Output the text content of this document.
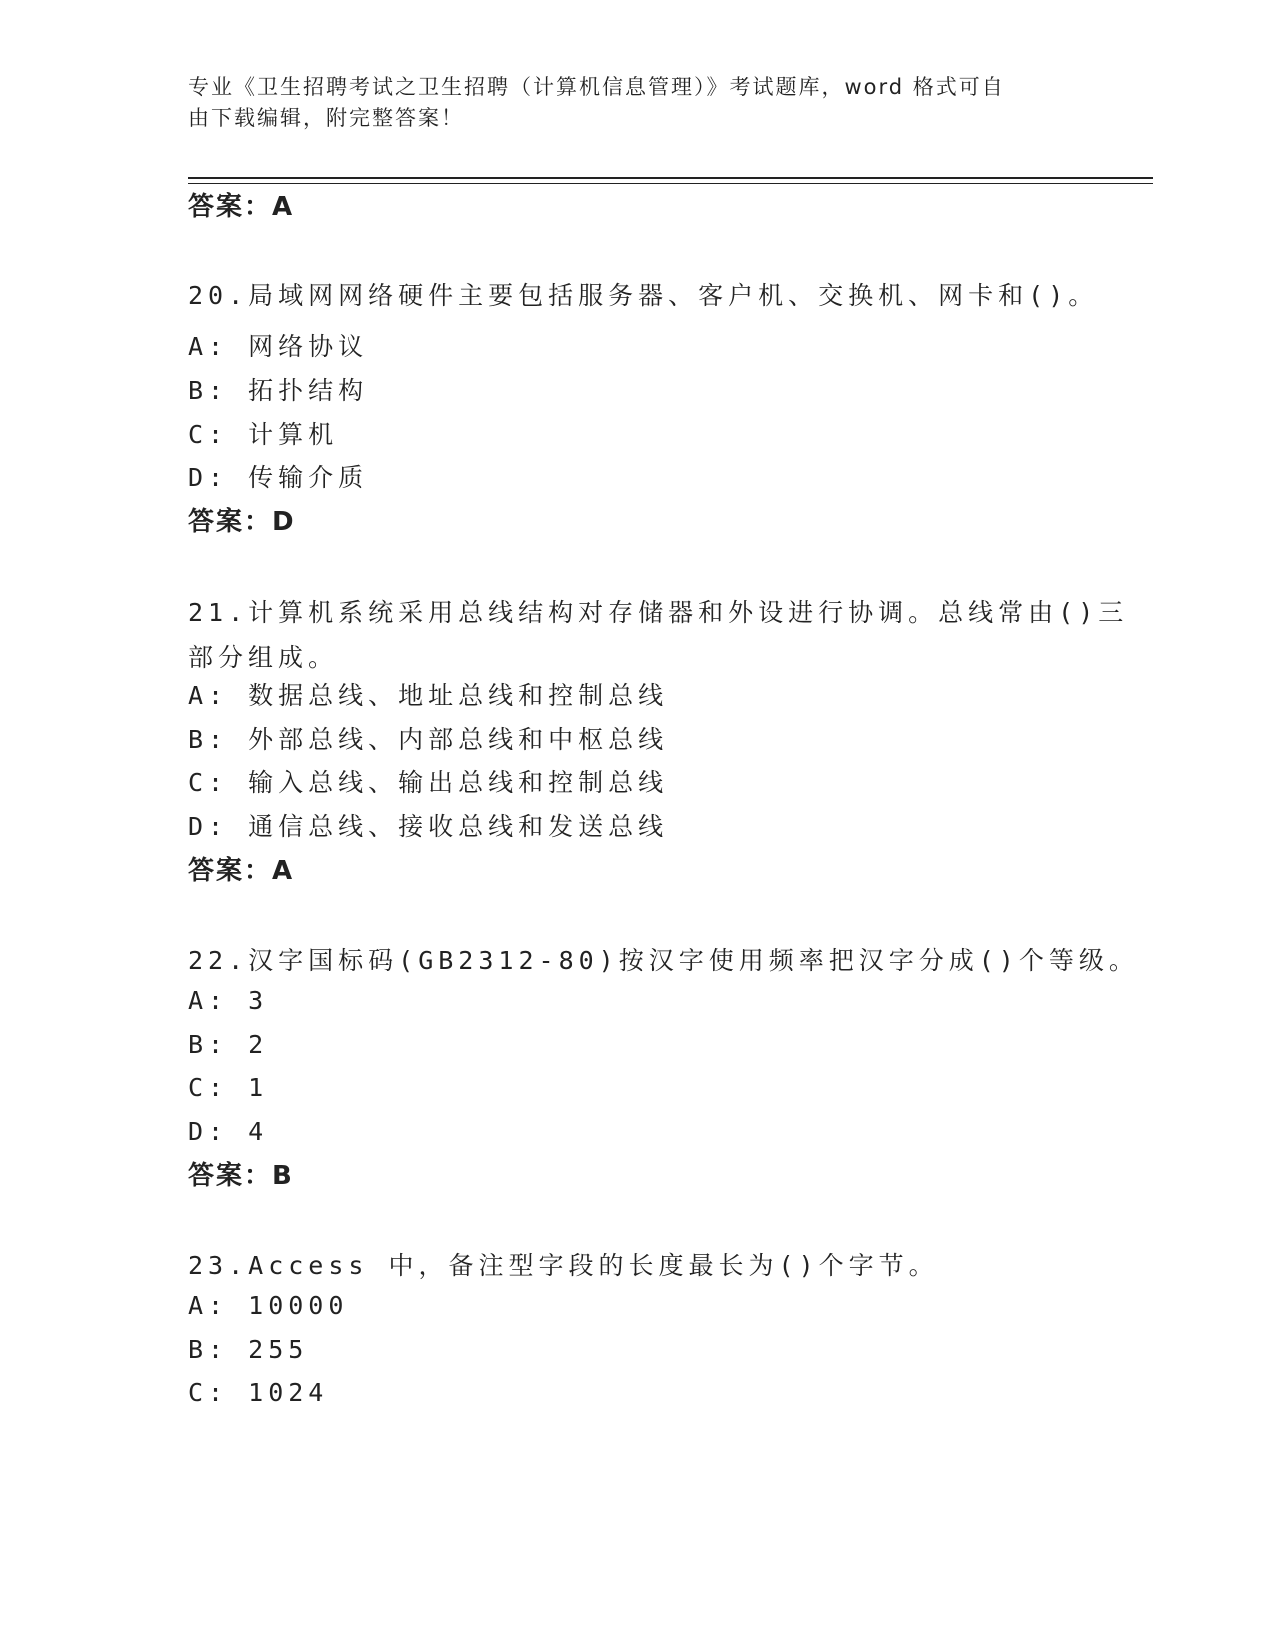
专业《卫生招聘考试之卫生招聘（计算机信息管理）》考试题库，word 格式可自
由下载编辑，附完整答案！
答案：A
20.局域网网络硬件主要包括服务器、客户机、交换机、网卡和()。
A: 网络协议
B: 拓扑结构
C: 计算机
D: 传输介质
答案：D
21.计算机系统采用总线结构对存储器和外设进行协调。总线常由()三
部分组成。
A: 数据总线、地址总线和控制总线
B: 外部总线、内部总线和中枢总线
C: 输入总线、输出总线和控制总线
D: 通信总线、接收总线和发送总线
答案：A
22.汉字国标码(GB2312-80)按汉字使用频率把汉字分成()个等级。
A: 3
B: 2
C: 1
D: 4
答案：B
23.Access 中，备注型字段的长度最长为()个字节。
A: 10000
B: 255
C: 1024
